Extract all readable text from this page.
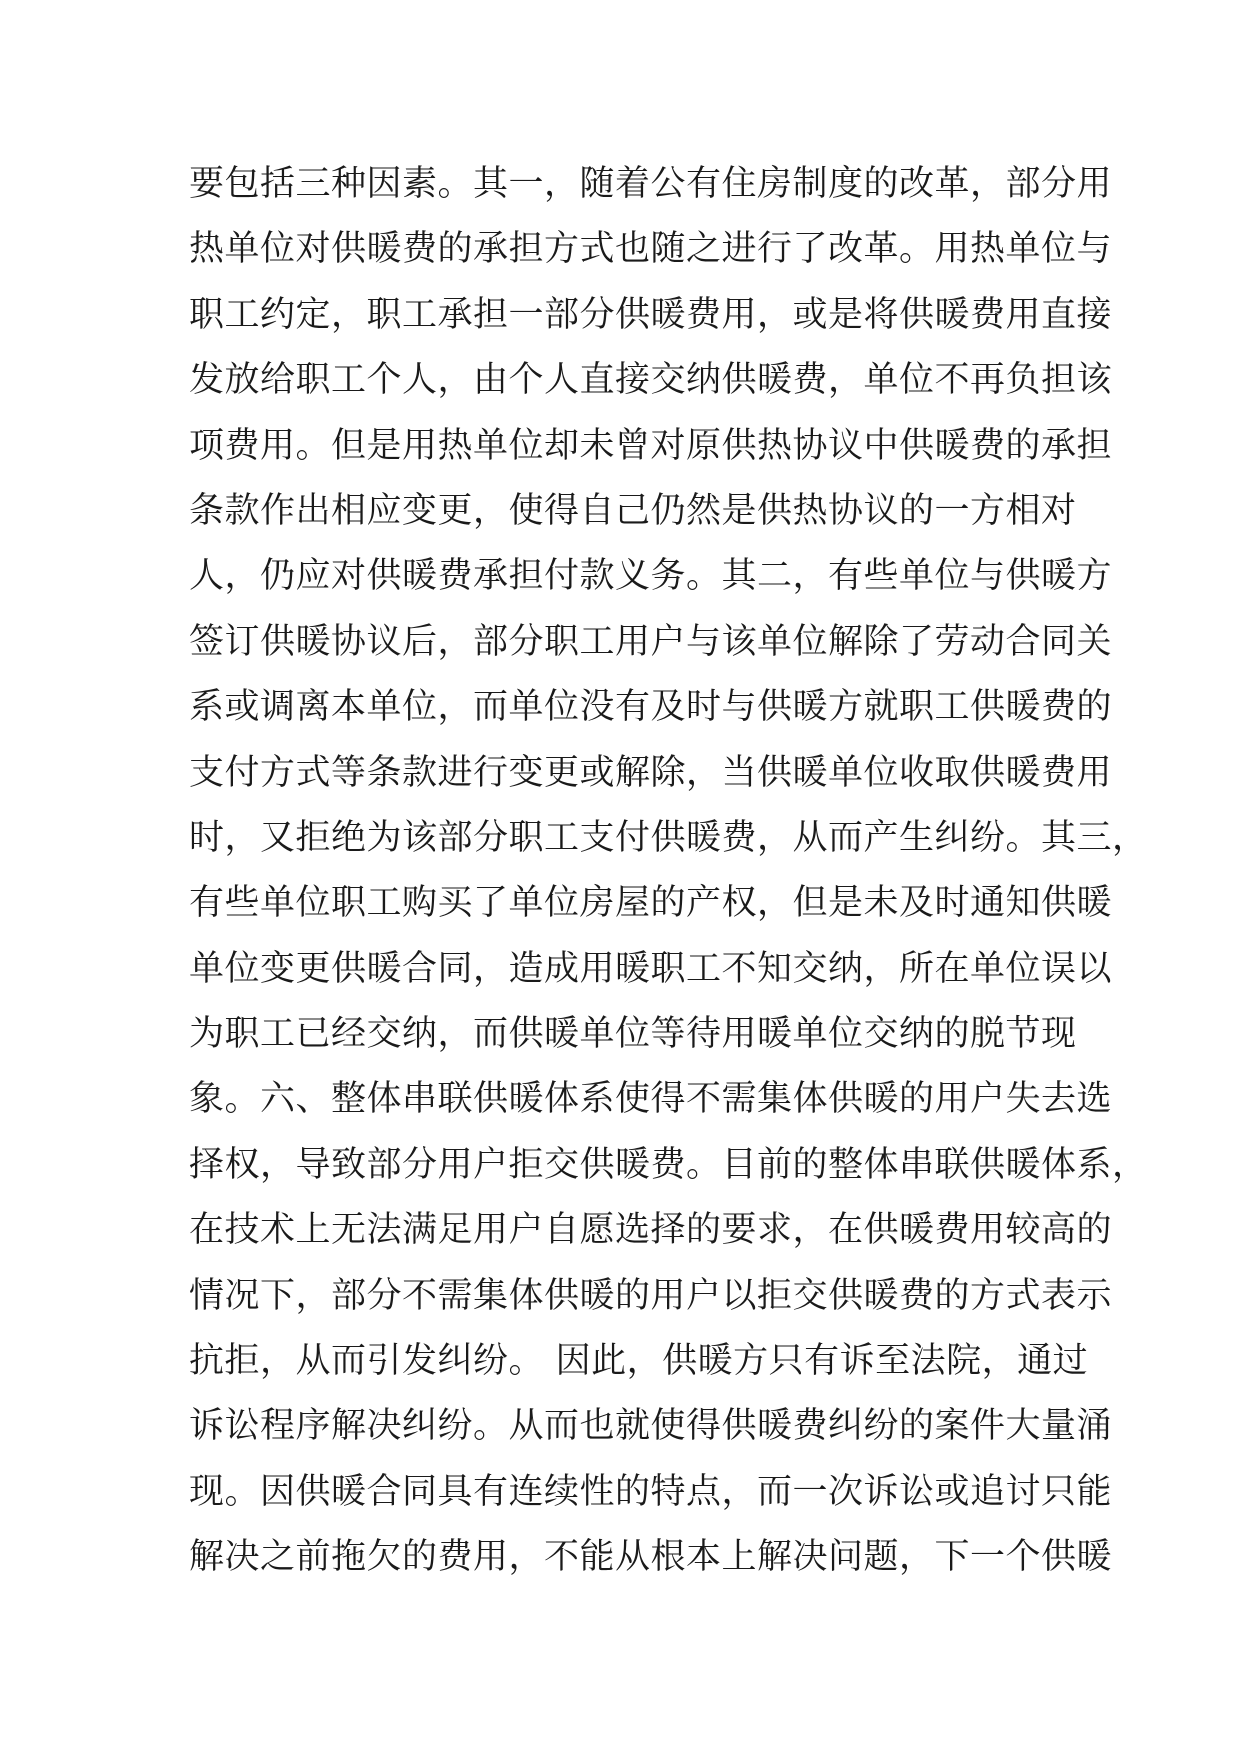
要包括三种因素。其一，随着公有住房制度的改革，部分用
热单位对供暖费的承担方式也随之进行了改革。用热单位与
职工约定，职工承担一部分供暖费用，或是将供暖费用直接
发放给职工个人，由个人直接交纳供暖费，单位不再负担该
项费用。但是用热单位却未曾对原供热协议中供暖费的承担
条款作出相应变更，使得自己仍然是供热协议的一方相对
人，仍应对供暖费承担付款义务。其二，有些单位与供暖方
签订供暖协议后，部分职工用户与该单位解除了劳动合同关
系或调离本单位，而单位没有及时与供暖方就职工供暖费的
支付方式等条款进行变更或解除，当供暖单位收取供暖费用
时，又拒绝为该部分职工支付供暖费，从而产生纠纷。其三，
有些单位职工购买了单位房屋的产权，但是未及时通知供暖
单位变更供暖合同，造成用暖职工不知交纳，所在单位误以
为职工已经交纳，而供暖单位等待用暖单位交纳的脱节现
象。六、整体串联供暖体系使得不需集体供暖的用户失去选
择权，导致部分用户拒交供暖费。目前的整体串联供暖体系，
在技术上无法满足用户自愿选择的要求，在供暖费用较高的
情况下，部分不需集体供暖的用户以拒交供暖费的方式表示
抗拒，从而引发纠纷。 因此，供暖方只有诉至法院，通过
诉讼程序解决纠纷。从而也就使得供暖费纠纷的案件大量涌
现。因供暖合同具有连续性的特点，而一次诉讼或追讨只能
解决之前拖欠的费用，不能从根本上解决问题，下一个供暖
